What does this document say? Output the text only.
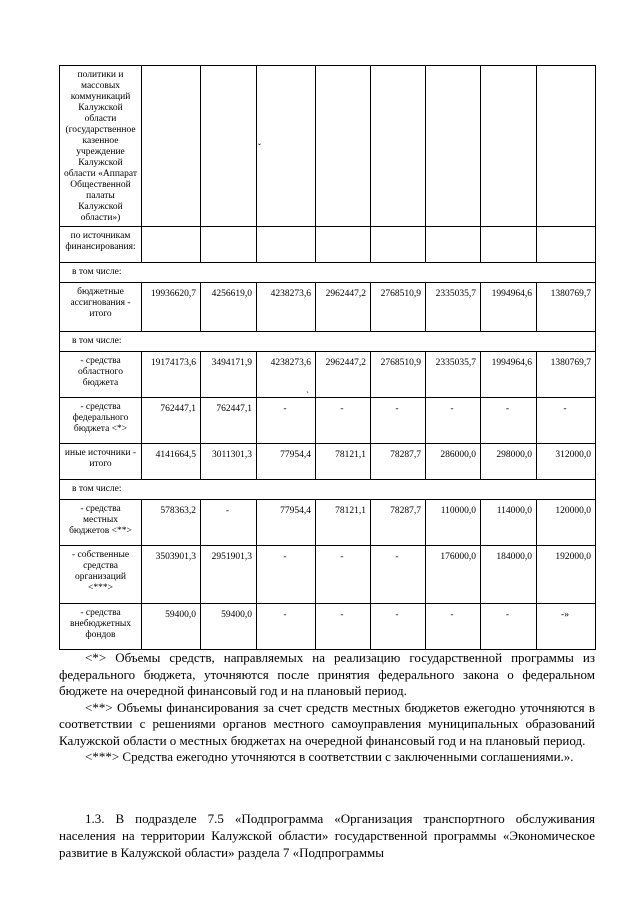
политики и массовых коммуникаций Калужской области (государственное казенное учреждение Калужской области «Аппарат Общественной палаты Калужской области»)								
по источникам финансирования:								
в том числе:								
бюджетные ассигнования - итого	19936620,7	4256619,0	4238273,6	2962447,2	2768510,9	2335035,7	1994964,6	1380769,7
в том числе:								
- средства областного бюджета	19174173,6	3494171,9	4238273,6	2962447,2	2768510,9	2335035,7	1994964,6	1380769,7
- средства федерального бюджета <*>	762447,1	762447,1	-	-	-	-	-	-
иные источники - итого	4141664,5	3011301,3	77954,4	78121,1	78287,7	286000,0	298000,0	312000,0
в том числе:								
- средства местных бюджетов <**>	578363,2	-	77954,4	78121,1	78287,7	110000,0	114000,0	120000,0
- собственные средства организаций <***>	3503901,3	2951901,3	-	-	-	176000,0	184000,0	192000,0
- средства внебюджетных фондов	59400,0	59400,0	-	-	-	-	-	-»
ˇ
ˏ

<*> Объемы средств, направляемых на реализацию государственной программы из федерального бюджета, уточняются после принятия федерального закона о федеральном бюджете на очередной финансовый год и на плановый период.

<**> Объемы финансирования за счет средств местных бюджетов ежегодно уточняются в соответствии с решениями органов местного самоуправления муниципальных образований Калужской области о местных бюджетах на очередной финансовый год и на плановый период.

<***> Средства ежегодно уточняются в соответствии с заключенными соглашениями.».

1.3. В подразделе 7.5 «Подпрограмма «Организация транспортного обслуживания населения на территории Калужской области» государственной программы «Экономическое развитие в Калужской области» раздела 7 «Подпрограммы
